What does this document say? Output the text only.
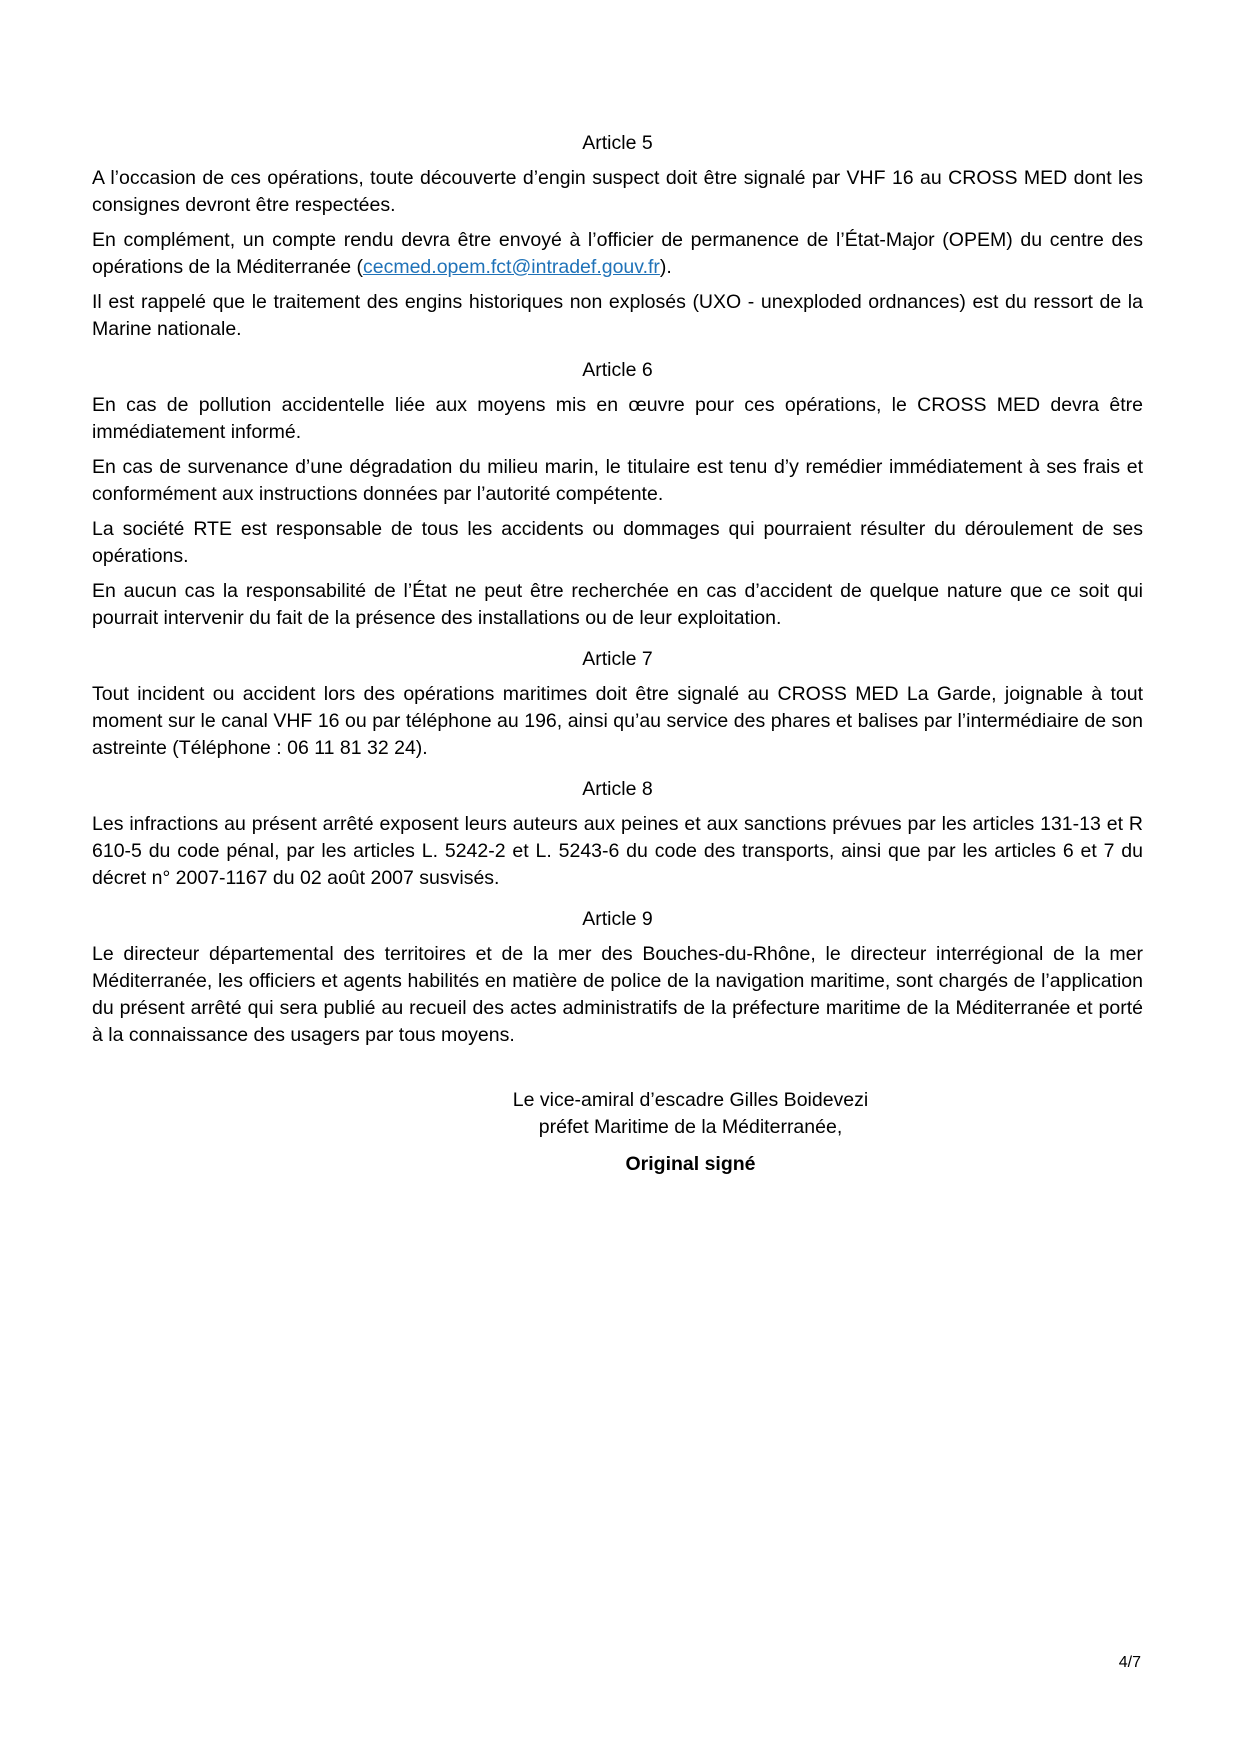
Article 5

A l’occasion de ces opérations, toute découverte d’engin suspect doit être signalé par VHF 16 au CROSS MED dont les consignes devront être respectées.

En complément, un compte rendu devra être envoyé à l’officier de permanence de l’État-Major (OPEM) du centre des opérations de la Méditerranée (cecmed.opem.fct@intradef.gouv.fr).

Il est rappelé que le traitement des engins historiques non explosés (UXO - unexploded ordnances) est du ressort de la Marine nationale.

Article 6

En cas de pollution accidentelle liée aux moyens mis en œuvre pour ces opérations, le CROSS MED devra être immédiatement informé.

En cas de survenance d’une dégradation du milieu marin, le titulaire est tenu d’y remédier immédiatement à ses frais et conformément aux instructions données par l’autorité compétente.

La société RTE est responsable de tous les accidents ou dommages qui pourraient résulter du déroulement de ses opérations.

En aucun cas la responsabilité de l’État ne peut être recherchée en cas d’accident de quelque nature que ce soit qui pourrait intervenir du fait de la présence des installations ou de leur exploitation.

Article 7

Tout incident ou accident lors des opérations maritimes doit être signalé au CROSS MED La Garde, joignable à tout moment sur le canal VHF 16 ou par téléphone au 196, ainsi qu’au service des phares et balises par l’intermédiaire de son astreinte (Téléphone : 06 11 81 32 24).

Article 8

Les infractions au présent arrêté exposent leurs auteurs aux peines et aux sanctions prévues par les articles 131-13 et R 610-5 du code pénal, par les articles L. 5242-2 et L. 5243-6 du code des transports, ainsi que par les articles 6 et 7 du décret n° 2007-1167 du 02 août 2007 susvisés.

Article 9

Le directeur départemental des territoires et de la mer des Bouches-du-Rhône, le directeur interrégional de la mer Méditerranée, les officiers et agents habilités en matière de police de la navigation maritime, sont chargés de l’application du présent arrêté qui sera publié au recueil des actes administratifs de la préfecture maritime de la Méditerranée et porté à la connaissance des usagers par tous moyens.

Le vice-amiral d’escadre Gilles Boidevezi
préfet Maritime de la Méditerranée,
Original signé
4/7
